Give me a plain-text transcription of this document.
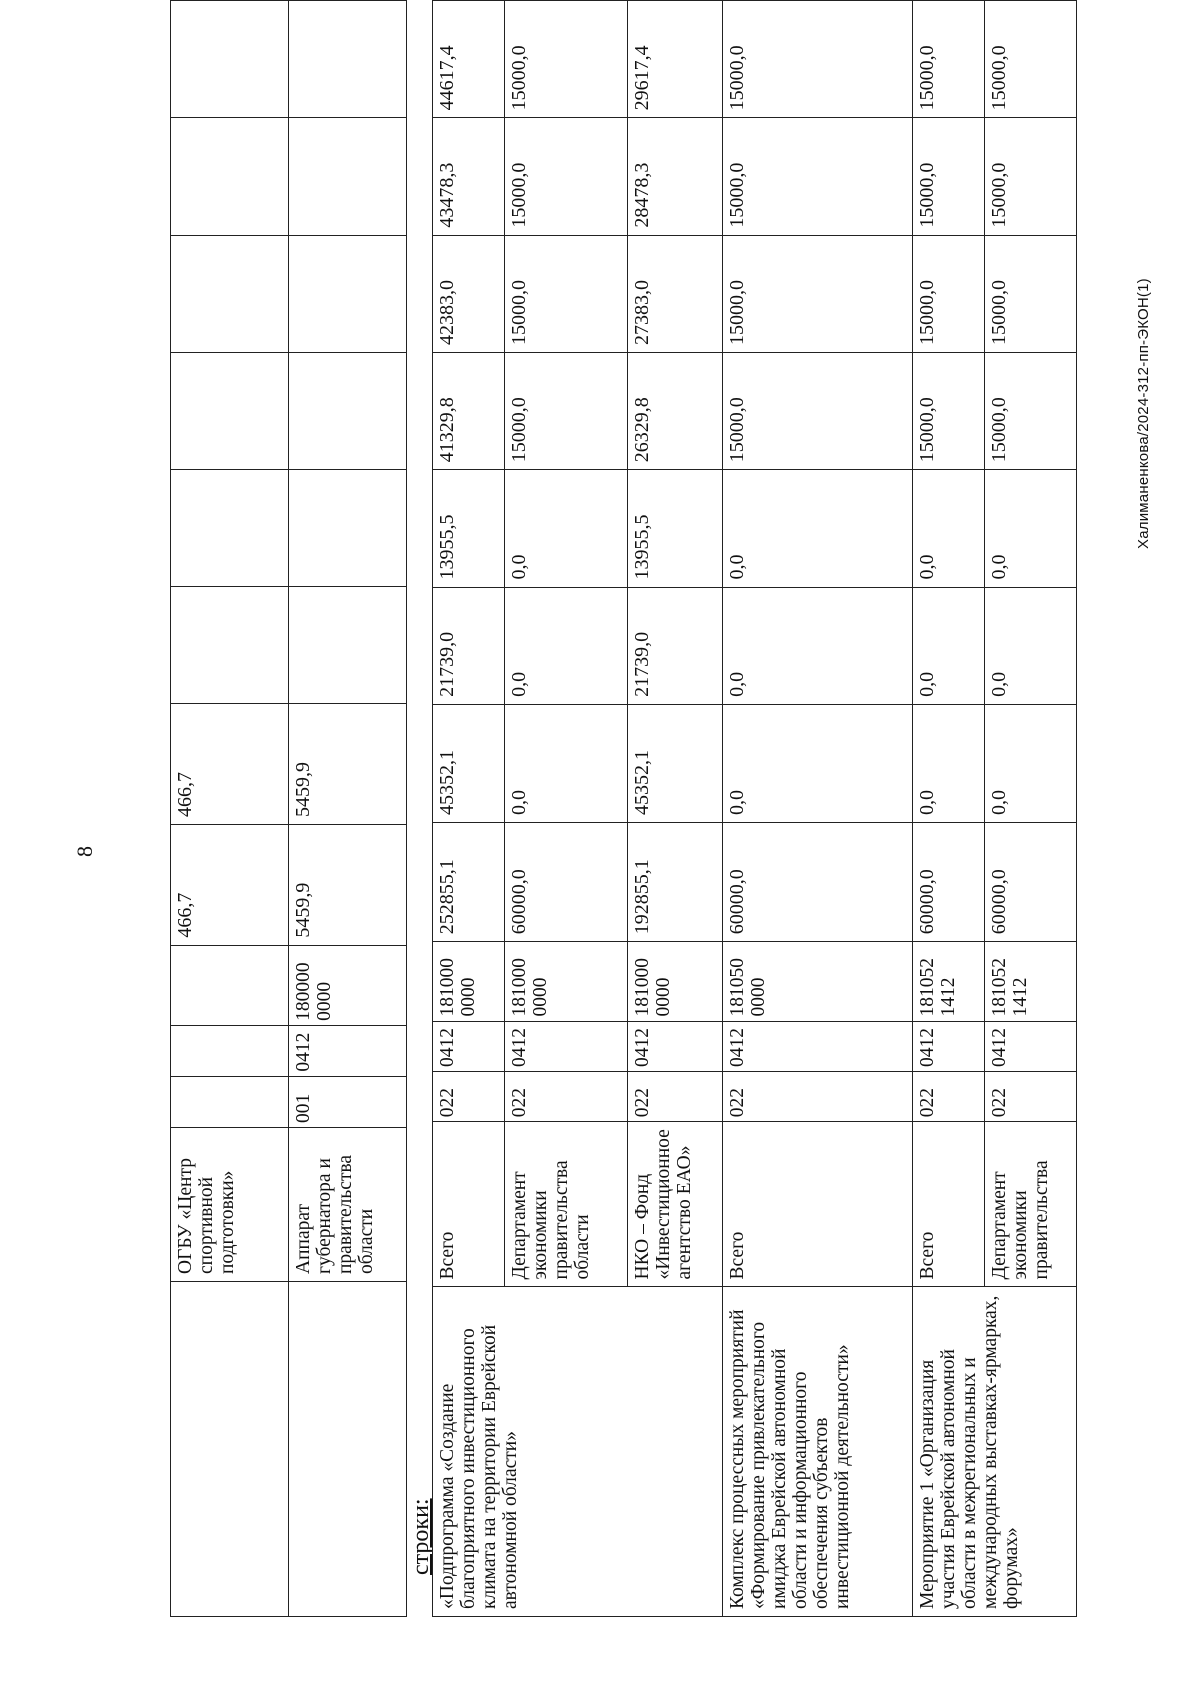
8
	ОГБУ «Центр спортивной подготовки»				466,7	466,7						
	Аппарат губернатора и правительства области	001	0412	180000 0000	5459,9	5459,9						
строки: «Подпрограмма «Создание благоприятного инвестиционного климата на территории Еврейской автономной области»	Всего	022	0412	181000 0000	252855,1	45352,1	21739,0	13955,5	41329,8	42383,0	43478,3	44617,4
	Департамент экономики правительства области	022	0412	181000 0000	60000,0	0,0	0,0	0,0	15000,0	15000,0	15000,0	15000,0
	НКО – Фонд «Инвестиционное агентство ЕАО»	022	0412	181000 0000	192855,1	45352,1	21739,0	13955,5	26329,8	27383,0	28478,3	29617,4
Комплекс процессных мероприятий «Формирование привлекательного имиджа Еврейской автономной области и информационного обеспечения субъектов инвестиционной деятельности»	Всего	022	0412	181050 0000	60000,0	0,0	0,0	0,0	15000,0	15000,0	15000,0	15000,0
Мероприятие 1 «Организация участия Еврейской автономной области в межрегиональных и международных выставках-ярмарках, форумах»	Всего	022	0412	181052 1412	60000,0	0,0	0,0	0,0	15000,0	15000,0	15000,0	15000,0
	Департамент экономики правительства	022	0412	181052 1412	60000,0	0,0	0,0	0,0	15000,0	15000,0	15000,0	15000,0
Халиманенкова/2024-312-пп-ЭКОН(1)
